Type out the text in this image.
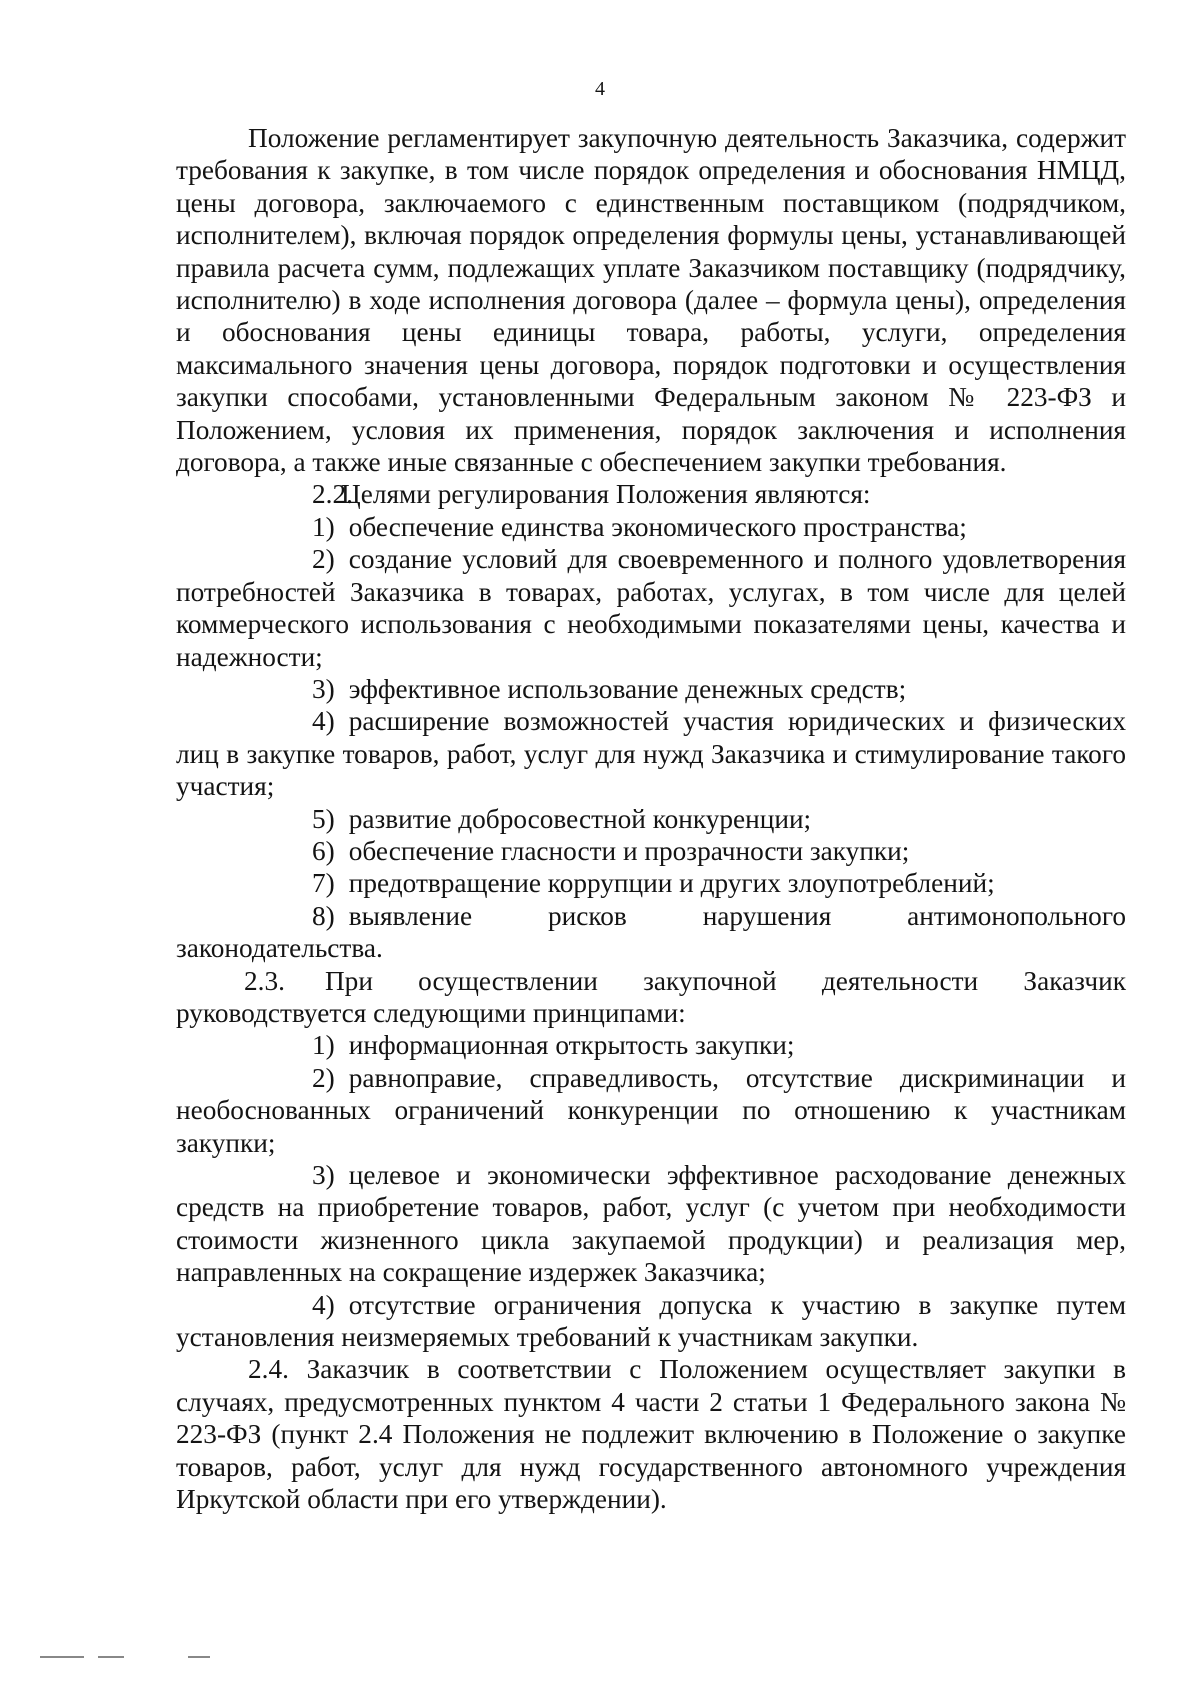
4

Положение регламентирует закупочную деятельность Заказчика, содержит требования к закупке, в том числе порядок определения и обоснования НМЦД, цены договора, заключаемого с единственным поставщиком (подрядчиком, исполнителем), включая порядок определения формулы цены, устанавливающей правила расчета сумм, подлежащих уплате Заказчиком поставщику (подрядчику, исполнителю) в ходе исполнения договора (далее – формула цены), определения и обоснования цены единицы товара, работы, услуги, определения максимального значения цены договора, порядок подготовки и осуществления закупки способами, установленными Федеральным законом № 223-ФЗ и Положением, условия их применения, порядок заключения и исполнения договора, а также иные связанные с обеспечением закупки требования.

2.2.Целями регулирования Положения являются:

1) обеспечение единства экономического пространства;

2) создание условий для своевременного и полного удовлетворения потребностей Заказчика в товарах, работах, услугах, в том числе для целей коммерческого использования с необходимыми показателями цены, качества и надежности;

3) эффективное использование денежных средств;

4) расширение возможностей участия юридических и физических лиц в закупке товаров, работ, услуг для нужд Заказчика и стимулирование такого участия;

5) развитие добросовестной конкуренции;

6) обеспечение гласности и прозрачности закупки;

7) предотвращение коррупции и других злоупотреблений;

8) выявление рисков нарушения антимонопольного законодательства.

2.3. При осуществлении закупочной деятельности Заказчик руководствуется следующими принципами:

1) информационная открытость закупки;

2) равноправие, справедливость, отсутствие дискриминации и необоснованных ограничений конкуренции по отношению к участникам закупки;

3) целевое и экономически эффективное расходование денежных средств на приобретение товаров, работ, услуг (с учетом при необходимости стоимости жизненного цикла закупаемой продукции) и реализация мер, направленных на сокращение издержек Заказчика;

4) отсутствие ограничения допуска к участию в закупке путем установления неизмеряемых требований к участникам закупки.

2.4. Заказчик в соответствии с Положением осуществляет закупки в случаях, предусмотренных пунктом 4 части 2 статьи 1 Федерального закона № 223-ФЗ (пункт 2.4 Положения не подлежит включению в Положение о закупке товаров, работ, услуг для нужд государственного автономного учреждения Иркутской области при его утверждении).
